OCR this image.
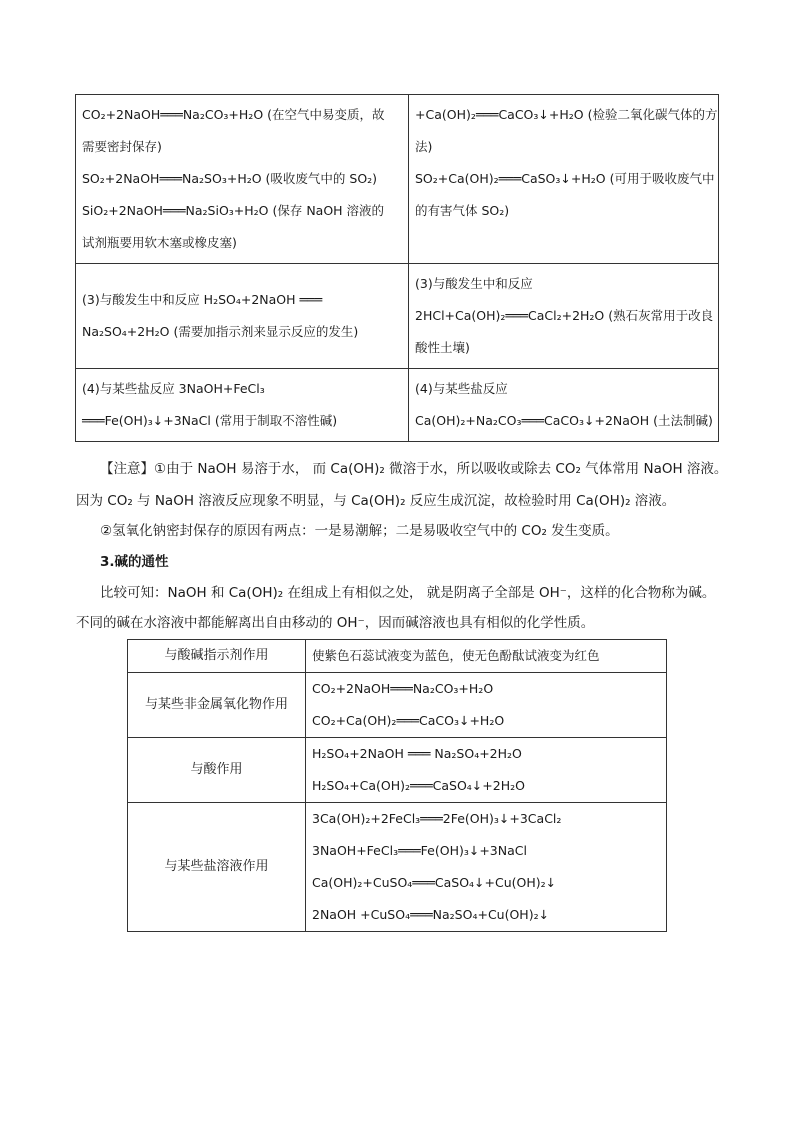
CO₂+2NaOH═══Na₂CO₃+H₂O (在空气中易变质，故
需要密封保存)
SO₂+2NaOH═══Na₂SO₃+H₂O (吸收废气中的 SO₂)
SiO₂+2NaOH═══Na₂SiO₃+H₂O (保存 NaOH 溶液的
试剂瓶要用软木塞或橡皮塞)	+Ca(OH)₂═══CaCO₃↓+H₂O (检验二氧化碳气体的方
法)
SO₂+Ca(OH)₂═══CaSO₃↓+H₂O (可用于吸收废气中
的有害气体 SO₂)

(3)与酸发生中和反应 H₂SO₄+2NaOH ═══
Na₂SO₄+2H₂O (需要加指示剂来显示反应的发生)	(3)与酸发生中和反应
2HCl+Ca(OH)₂═══CaCl₂+2H₂O (熟石灰常用于改良
酸性土壤)

(4)与某些盐反应 3NaOH+FeCl₃
═══Fe(OH)₃↓+3NaCl (常用于制取不溶性碱)	(4)与某些盐反应
Ca(OH)₂+Na₂CO₃═══CaCO₃↓+2NaOH (土法制碱)
【注意】①由于 NaOH 易溶于水， 而 Ca(OH)₂ 微溶于水，所以吸收或除去 CO₂ 气体常用 NaOH 溶液。
因为 CO₂ 与 NaOH 溶液反应现象不明显，与 Ca(OH)₂ 反应生成沉淀，故检验时用 Ca(OH)₂ 溶液。
②氢氧化钠密封保存的原因有两点：一是易潮解；二是易吸收空气中的 CO₂ 发生变质。
3.碱的通性
比较可知：NaOH 和 Ca(OH)₂ 在组成上有相似之处， 就是阴离子全部是 OH⁻，这样的化合物称为碱。
不同的碱在水溶液中都能解离出自由移动的 OH⁻，因而碱溶液也具有相似的化学性质。
与酸碱指示剂作用	使紫色石蕊试液变为蓝色，使无色酚酞试液变为红色

与某些非金属氧化物作用	CO₂+2NaOH═══Na₂CO₃+H₂O
CO₂+Ca(OH)₂═══CaCO₃↓+H₂O

与酸作用	H₂SO₄+2NaOH ═══ Na₂SO₄+2H₂O
H₂SO₄+Ca(OH)₂═══CaSO₄↓+2H₂O

与某些盐溶液作用	3Ca(OH)₂+2FeCl₃═══2Fe(OH)₃↓+3CaCl₂
3NaOH+FeCl₃═══Fe(OH)₃↓+3NaCl
Ca(OH)₂+CuSO₄═══CaSO₄↓+Cu(OH)₂↓
2NaOH +CuSO₄═══Na₂SO₄+Cu(OH)₂↓
